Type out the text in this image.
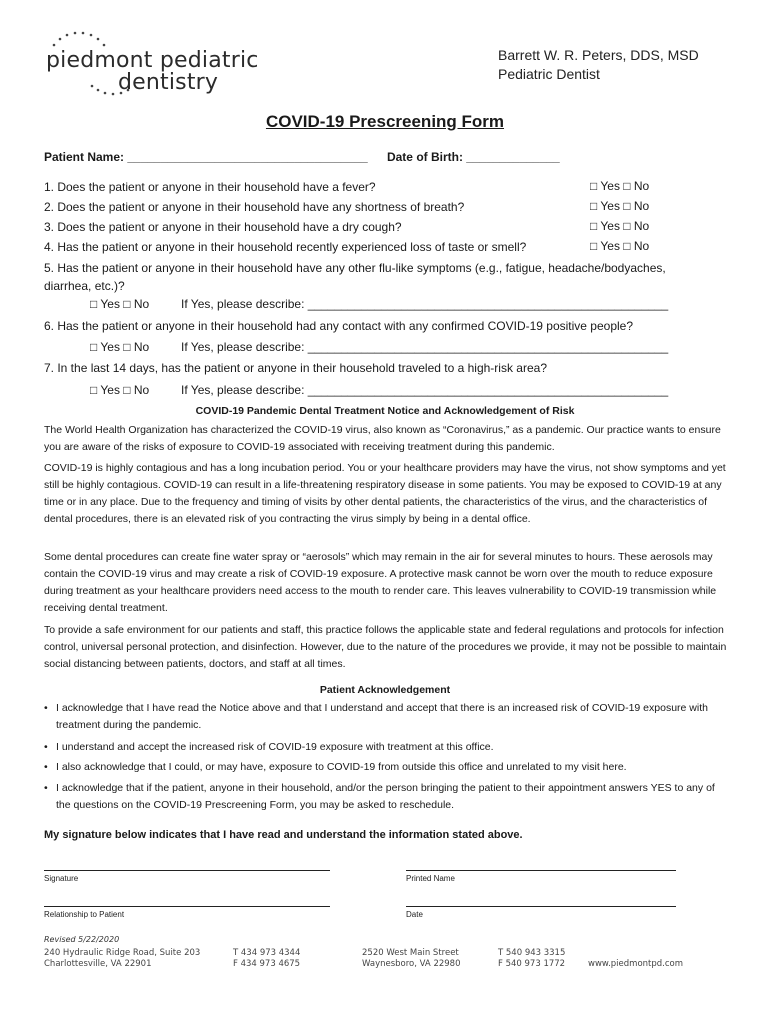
piedmont pediatric
dentistry
Barrett W. R. Peters, DDS, MSD
Pediatric Dentist
COVID-19 Prescreening Form
Patient Name: ____________________________________ Date of Birth: ______________
1. Does the patient or anyone in their household have a fever?	□ Yes □ No
2. Does the patient or anyone in their household have any shortness of breath?	□ Yes □ No
3. Does the patient or anyone in their household have a dry cough?	□ Yes □ No
4. Has the patient or anyone in their household recently experienced loss of taste or smell?	□ Yes □ No
5. Has the patient or anyone in their household have any other flu-like symptoms (e.g., fatigue, headache/bodyaches,
diarrhea, etc.)?
□ Yes □ No	If Yes, please describe: ______________________________________________________
6. Has the patient or anyone in their household had any contact with any confirmed COVID-19 positive people?
□ Yes □ No	If Yes, please describe: ______________________________________________________
7. In the last 14 days, has the patient or anyone in their household traveled to a high-risk area?
□ Yes □ No	If Yes, please describe: ______________________________________________________
COVID-19 Pandemic Dental Treatment Notice and Acknowledgement of Risk
The World Health Organization has characterized the COVID-19 virus, also known as “Coronavirus,” as a pandemic. Our practice wants to ensure you are aware of the risks of exposure to COVID-19 associated with receiving treatment during this pandemic.
COVID-19 is highly contagious and has a long incubation period. You or your healthcare providers may have the virus, not show symptoms and yet still be highly contagious. COVID-19 can result in a life-threatening respiratory disease in some patients. You may be exposed to COVID-19 at any time or in any place. Due to the frequency and timing of visits by other dental patients, the characteristics of the virus, and the characteristics of dental procedures, there is an elevated risk of you contracting the virus simply by being in a dental office.
Some dental procedures can create fine water spray or “aerosols” which may remain in the air for several minutes to hours. These aerosols may contain the COVID-19 virus and may create a risk of COVID-19 exposure. A protective mask cannot be worn over the mouth to reduce exposure during treatment as your healthcare providers need access to the mouth to render care. This leaves vulnerability to COVID-19 transmission while receiving dental treatment.
To provide a safe environment for our patients and staff, this practice follows the applicable state and federal regulations and protocols for infection control, universal personal protection, and disinfection. However, due to the nature of the procedures we provide, it may not be possible to maintain social distancing between patients, doctors, and staff at all times.
Patient Acknowledgement
• I acknowledge that I have read the Notice above and that I understand and accept that there is an increased risk of COVID-19 exposure with treatment during the pandemic.
• I understand and accept the increased risk of COVID-19 exposure with treatment at this office.
• I also acknowledge that I could, or may have, exposure to COVID-19 from outside this office and unrelated to my visit here.
• I acknowledge that if the patient, anyone in their household, and/or the person bringing the patient to their appointment answers YES to any of the questions on the COVID-19 Prescreening Form, you may be asked to reschedule.
My signature below indicates that I have read and understand the information stated above.
Signature	Printed Name
Relationship to Patient	Date
Revised 5/22/2020
240 Hydraulic Ridge Road, Suite 203
Charlottesville, VA 22901
T 434 973 4344
F 434 973 4675
2520 West Main Street
Waynesboro, VA 22980
T 540 943 3315
F 540 973 1772	www.piedmontpd.com
